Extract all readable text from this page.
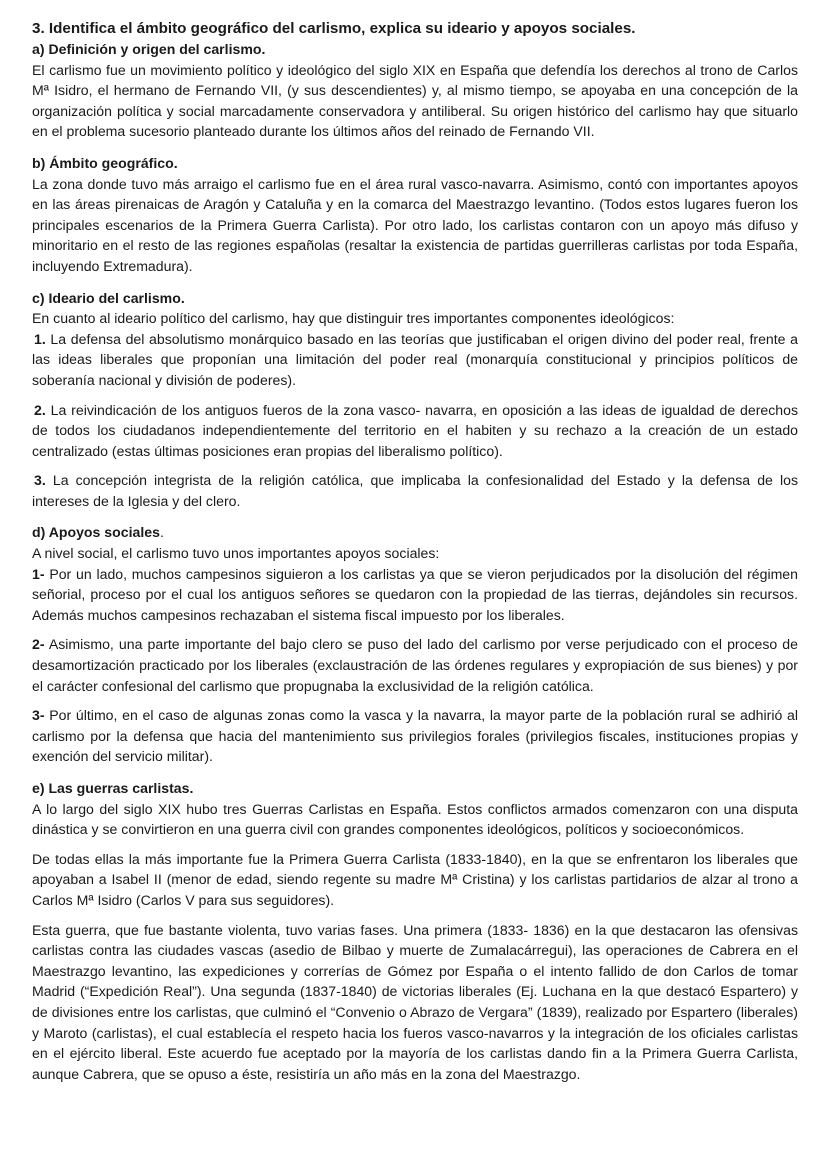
3. Identifica el ámbito geográfico del carlismo, explica su ideario y apoyos sociales.
a) Definición y origen del carlismo.

El carlismo fue un movimiento político y ideológico del siglo XIX en España que defendía los derechos al trono de Carlos Mª Isidro, el hermano de Fernando VII, (y sus descendientes) y, al mismo tiempo, se apoyaba en una concepción de la organización política y social marcadamente conservadora y antiliberal. Su origen histórico del carlismo hay que situarlo en el problema sucesorio planteado durante los últimos años del reinado de Fernando VII.

b) Ámbito geográfico.

La zona donde tuvo más arraigo el carlismo fue en el área rural vasco-navarra. Asimismo, contó con importantes apoyos en las áreas pirenaicas de Aragón y Cataluña y en la comarca del Maestrazgo levantino. (Todos estos lugares fueron los principales escenarios de la Primera Guerra Carlista). Por otro lado, los carlistas contaron con un apoyo más difuso y minoritario en el resto de las regiones españolas (resaltar la existencia de partidas guerrilleras carlistas por toda España, incluyendo Extremadura).

c) Ideario del carlismo.

En cuanto al ideario político del carlismo, hay que distinguir tres importantes componentes ideológicos:

1. La defensa del absolutismo monárquico basado en las teorías que justificaban el origen divino del poder real, frente a las ideas liberales que proponían una limitación del poder real (monarquía constitucional y principios políticos de soberanía nacional y división de poderes).

2. La reivindicación de los antiguos fueros de la zona vasco- navarra, en oposición a las ideas de igualdad de derechos de todos los ciudadanos independientemente del territorio en el habiten y su rechazo a la creación de un estado centralizado (estas últimas posiciones eran propias del liberalismo político).

3. La concepción integrista de la religión católica, que implicaba la confesionalidad del Estado y la defensa de los intereses de la Iglesia y del clero.

d) Apoyos sociales.

A nivel social, el carlismo tuvo unos importantes apoyos sociales:

1- Por un lado, muchos campesinos siguieron a los carlistas ya que se vieron perjudicados por la disolución del régimen señorial, proceso por el cual los antiguos señores se quedaron con la propiedad de las tierras, dejándoles sin recursos. Además muchos campesinos rechazaban el sistema fiscal impuesto por los liberales.

2- Asimismo, una parte importante del bajo clero se puso del lado del carlismo por verse perjudicado con el proceso de desamortización practicado por los liberales (exclaustración de las órdenes regulares y expropiación de sus bienes) y por el carácter confesional del carlismo que propugnaba la exclusividad de la religión católica.

3- Por último, en el caso de algunas zonas como la vasca y la navarra, la mayor parte de la población rural se adhirió al carlismo por la defensa que hacia del mantenimiento sus privilegios forales (privilegios fiscales, instituciones propias y exención del servicio militar).

e) Las guerras carlistas.

A lo largo del siglo XIX hubo tres Guerras Carlistas en España. Estos conflictos armados comenzaron con una disputa dinástica y se convirtieron en una guerra civil con grandes componentes ideológicos, políticos y socioeconómicos.

De todas ellas la más importante fue la Primera Guerra Carlista (1833-1840), en la que se enfrentaron los liberales que apoyaban a Isabel II (menor de edad, siendo regente su madre Mª Cristina) y los carlistas partidarios de alzar al trono a Carlos Mª Isidro (Carlos V para sus seguidores).

Esta guerra, que fue bastante violenta, tuvo varias fases. Una primera (1833- 1836) en la que destacaron las ofensivas carlistas contra las ciudades vascas (asedio de Bilbao y muerte de Zumalacárregui), las operaciones de Cabrera en el Maestrazgo levantino, las expediciones y correrías de Gómez por España o el intento fallido de don Carlos de tomar Madrid (“Expedición Real”). Una segunda (1837-1840) de victorias liberales (Ej. Luchana en la que destacó Espartero) y de divisiones entre los carlistas, que culminó el “Convenio o Abrazo de Vergara” (1839), realizado por Espartero (liberales) y Maroto (carlistas), el cual establecía el respeto hacia los fueros vasco-navarros y la integración de los oficiales carlistas en el ejército liberal. Este acuerdo fue aceptado por la mayoría de los carlistas dando fin a la Primera Guerra Carlista, aunque Cabrera, que se opuso a éste, resistiría un año más en la zona del Maestrazgo.
